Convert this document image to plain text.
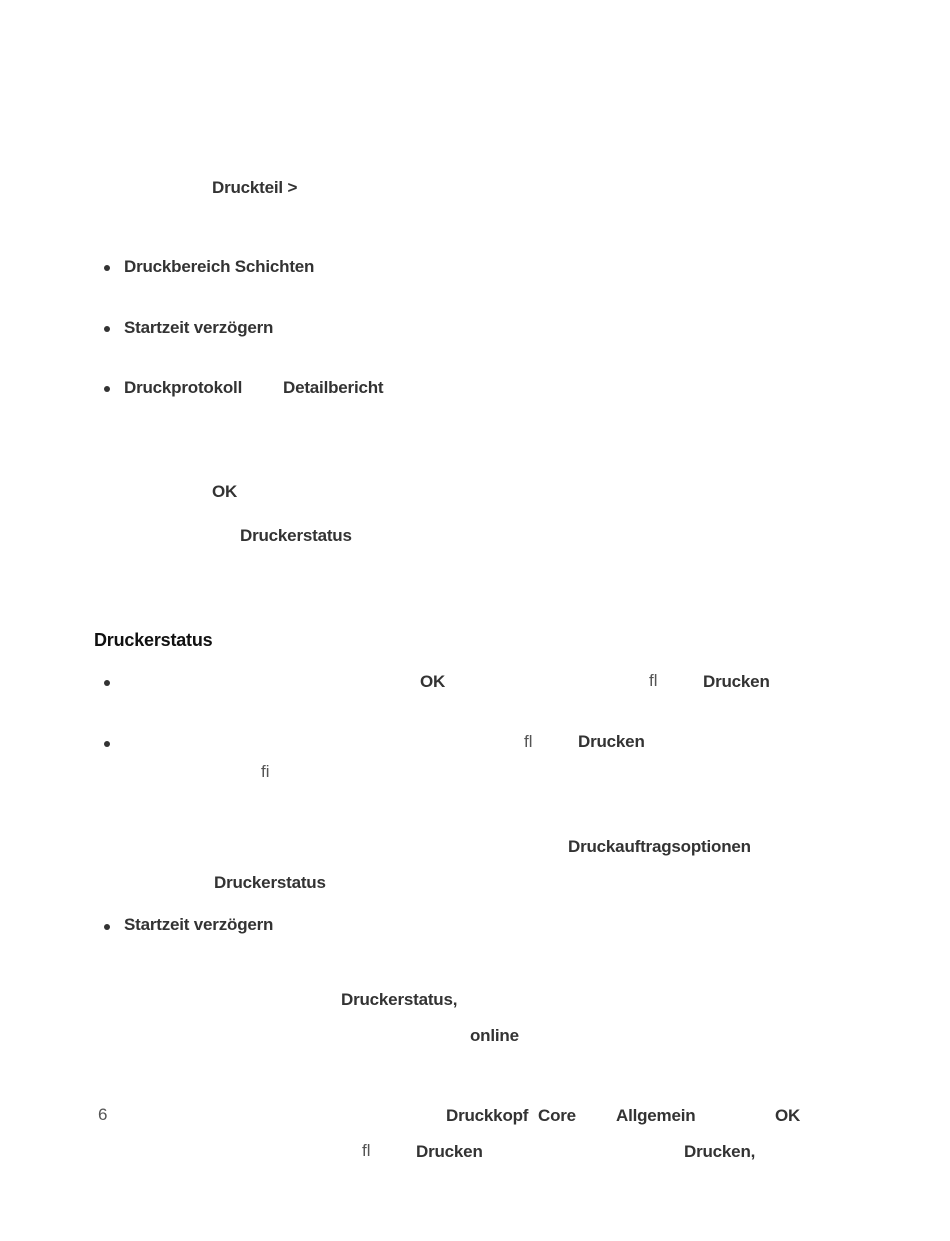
Druckteil >
Druckbereich Schichten
Startzeit verzögern
Druckprotokoll Detailbericht
OK
Druckerstatus
Druckerstatus
OK	ﬂ	Drucken
ﬂ	Drucken
ﬁ
Druckauftragsoptionen
Druckerstatus
Startzeit verzögern
Druckerstatus,
online
6	Druckkopf Core Allgemein	OK
ﬂ	Drucken	Drucken,
